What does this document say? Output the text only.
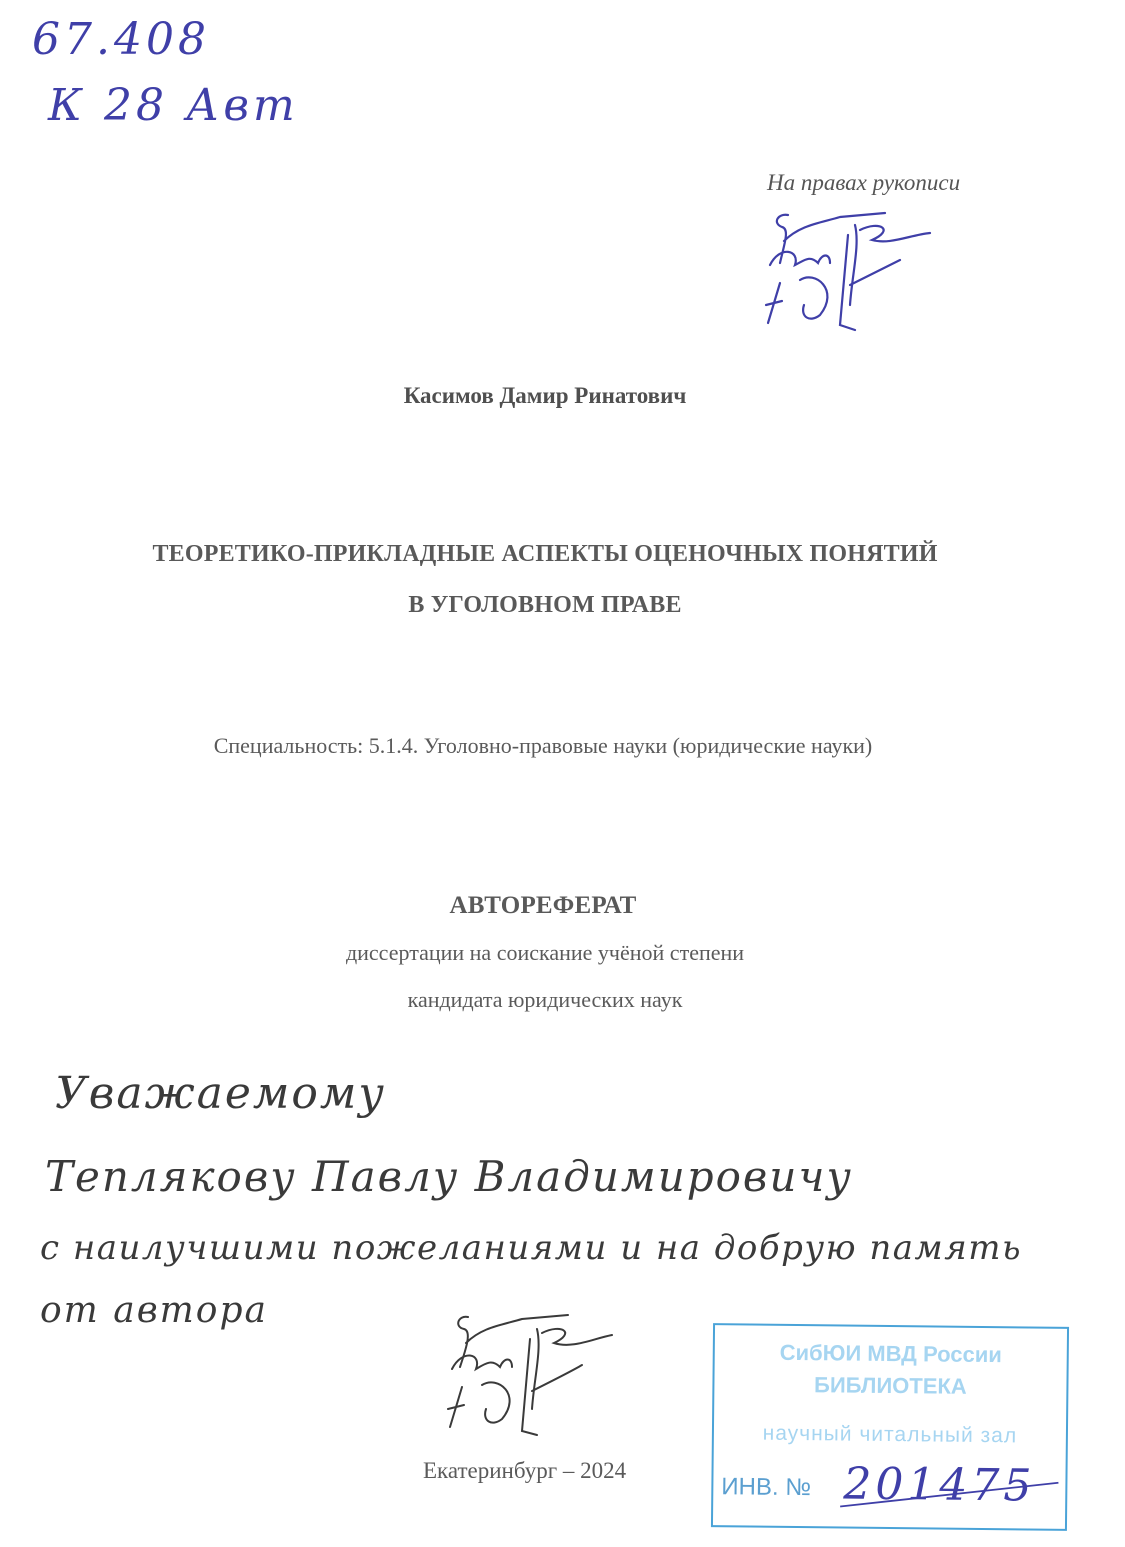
67.408
К 28 Авт
На правах рукописи
Касимов Дамир Ринатович
ТЕОРЕТИКО-ПРИКЛАДНЫЕ АСПЕКТЫ ОЦЕНОЧНЫХ ПОНЯТИЙ
В УГОЛОВНОМ ПРАВЕ
Специальность: 5.1.4. Уголовно-правовые науки (юридические науки)
АВТОРЕФЕРАТ
диссертации на соискание учёной степени
кандидата юридических наук
Уважаемому
Теплякову Павлу Владимировичу
с наилучшими пожеланиями и на добрую память
от автора
Екатеринбург – 2024
СибЮИ МВД России
БИБЛИОТЕКА
научный читальный зал
ИНВ. № 201475
